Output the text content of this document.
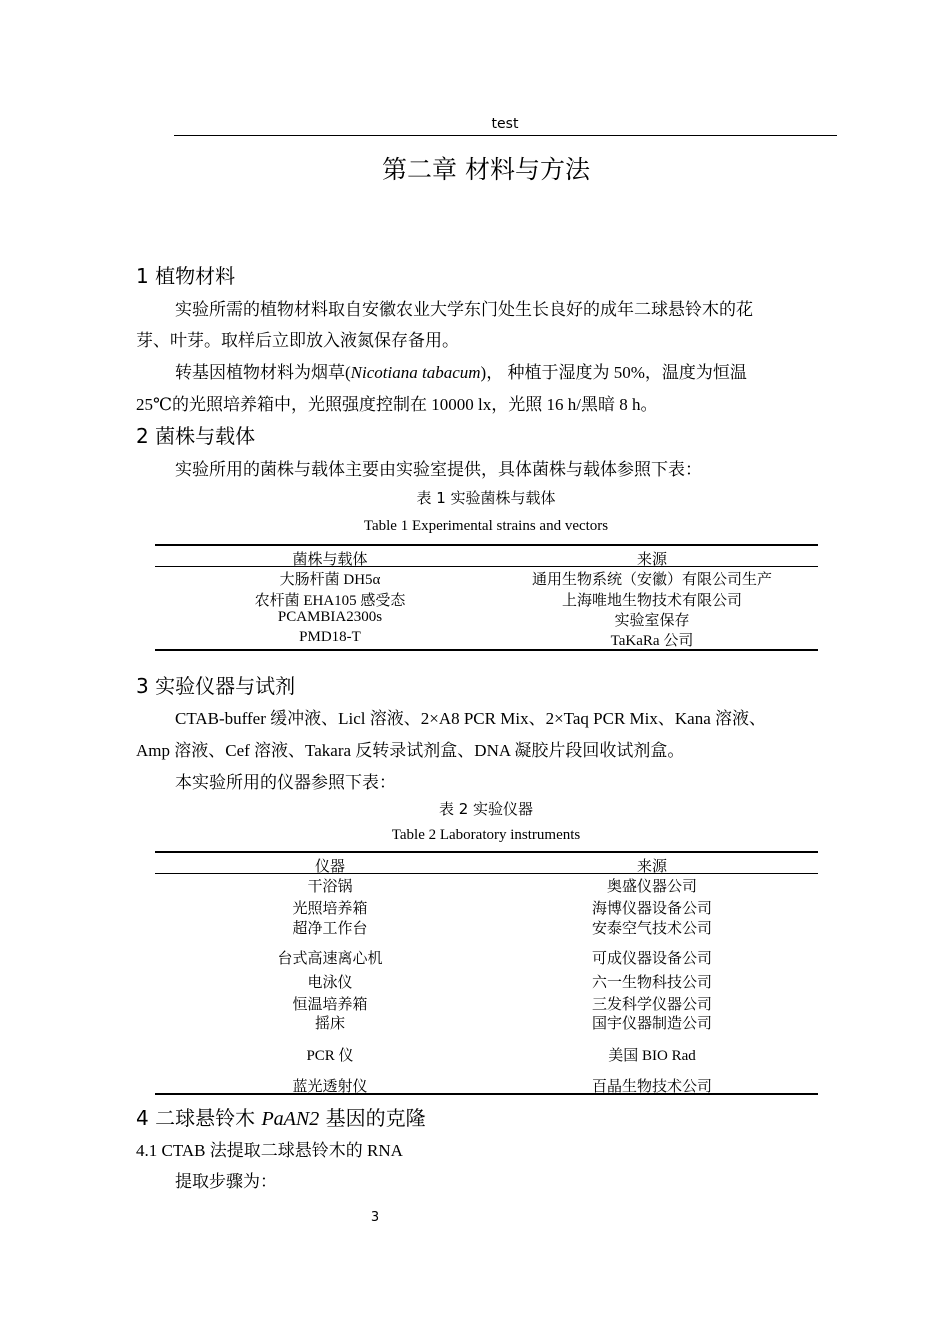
test
第二章 材料与方法
1 植物材料
实验所需的植物材料取自安徽农业大学东门处生长良好的成年二球悬铃木的花
芽、叶芽。取样后立即放入液氮保存备用。
转基因植物材料为烟草(Nicotiana tabacum)， 种植于湿度为 50%，温度为恒温
25℃的光照培养箱中，光照强度控制在 10000 lx，光照 16 h/黑暗 8 h。
2 菌株与载体
实验所用的菌株与载体主要由实验室提供，具体菌株与载体参照下表：
表 1 实验菌株与载体
Table 1 Experimental strains and vectors
菌株与载体	来源
大肠杆菌 DH5α	通用生物系统（安徽）有限公司生产
农杆菌 EHA105 感受态	上海唯地生物技术有限公司
PCAMBIA2300s	实验室保存
PMD18-T	TaKaRa 公司
3 实验仪器与试剂
CTAB-buffer 缓冲液、Licl 溶液、2×A8 PCR Mix、2×Taq PCR Mix、Kana 溶液、
Amp 溶液、Cef 溶液、Takara 反转录试剂盒、DNA 凝胶片段回收试剂盒。
本实验所用的仪器参照下表：
表 2 实验仪器
Table 2 Laboratory instruments
仪器	来源
干浴锅	奥盛仪器公司
光照培养箱	海博仪器设备公司
超净工作台	安泰空气技术公司
台式高速离心机	可成仪器设备公司
电泳仪	六一生物科技公司
恒温培养箱	三发科学仪器公司
摇床	国宇仪器制造公司
PCR 仪	美国 BIO Rad
蓝光透射仪	百晶生物技术公司
4 二球悬铃木 PaAN2 基因的克隆
4.1 CTAB 法提取二球悬铃木的 RNA
提取步骤为：
3
